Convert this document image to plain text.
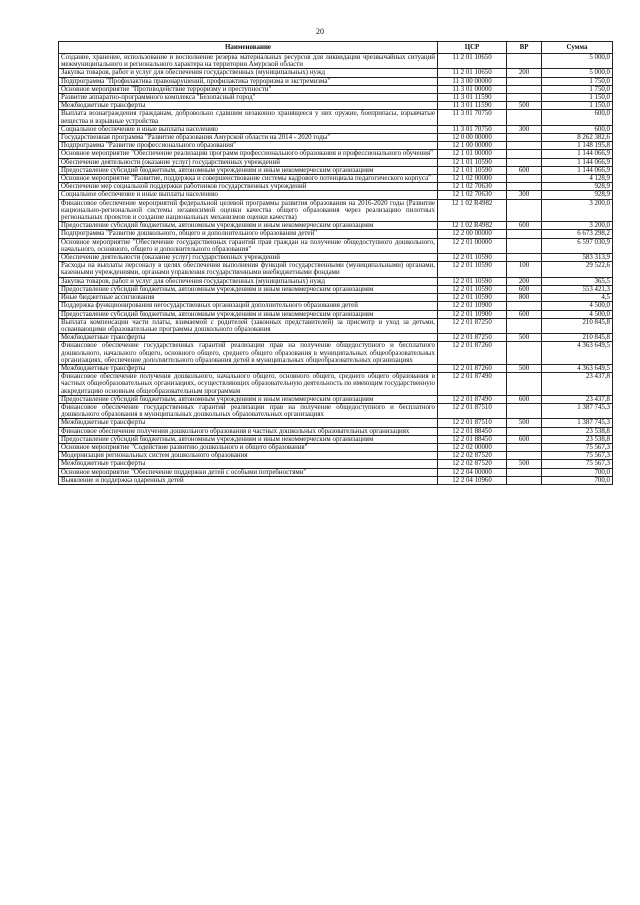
20
Наименование	ЦСР	ВР	Сумма
Создание, хранение, использование и восполнение резерва материальных ресурсов для ликвидации чрезвычайных ситуаций межмуниципального и регионального характера на территории Амурской области	11 2 01 10650		5 000,0
Закупка товаров, работ и услуг для обеспечения государственных (муниципальных) нужд	11 2 01 10650	200	5 000,0
Подпрограмма "Профилактика правонарушений, профилактика терроризма и экстремизма"	11 3 00 00000		1 750,0
Основное мероприятие "Противодействие терроризму и преступности"	11 3 01 00000		1 750,0
Развитие аппаратно-программного комплекса "Безопасный город"	11 3 01 11590		1 150,0
Межбюджетные трансферты	11 3 01 11590	500	1 150,0
Выплата вознаграждения гражданам, добровольно сдавшим незаконно хранящееся у них оружие, боеприпасы, взрывчатые вещества и взрывные устройства	11 3 01 70750		600,0
Социальное обеспечение и иные выплаты населению	11 3 01 70750	300	600,0
Государственная программа "Развитие образования Амурской области на 2014 - 2020 годы"	12 0 00 00000		8 262 382,6
Подпрограмма "Развитие профессионального образования"	12 1 00 00000		1 148 195,8
Основное мероприятие "Обеспечение реализации программ профессионального образования и профессионального обучения"	12 1 01 00000		1 144 066,9
Обеспечение деятельности (оказание услуг) государственных учреждений	12 1 01 10590		1 144 066,9
Предоставление субсидий бюджетным, автономным учреждениям и иным некоммерческим организациям	12 1 01 10590	600	1 144 066,9
Основное мероприятие "Развитие, поддержка и совершенствование системы кадрового потенциала педагогического корпуса"	12 1 02 00000		4 128,9
Обеспечение мер социальной поддержки работников государственных учреждений	12 1 02 70630		928,9
Социальное обеспечение и иные выплаты населению	12 1 02 70630	300	928,9
Финансовое обеспечение мероприятий федеральной целевой программы развития образования на 2016-2020 годы (Развитие национально-региональной системы независимой оценки качества общего образования через реализацию пилотных региональных проектов и создание национальных механизмов оценки качества)	12 1 02 R4982		3 200,0
Предоставление субсидий бюджетным, автономным учреждениям и иным некоммерческим организациям	12 1 02 R4982	600	3 200,0
Подпрограмма "Развитие дошкольного, общего и дополнительного образования детей"	12 2 00 00000		6 673 298,2
Основное мероприятие "Обеспечение государственных гарантий прав граждан на получение общедоступного дошкольного, начального, основного, общего и дополнительного образования"	12 2 01 00000		6 597 030,9
Обеспечение деятельности (оказание услуг) государственных учреждений	12 2 01 10590		583 313,9
Расходы на выплаты персоналу в целях обеспечения выполнения функций государственными (муниципальными) органами, казенными учреждениями, органами управления государственными внебюджетными фондами	12 2 01 10590	100	29 522,6
Закупка товаров, работ и услуг для обеспечения государственных (муниципальных) нужд	12 2 01 10590	200	365,5
Предоставление субсидий бюджетным, автономным учреждениям и иным некоммерческим организациям	12 2 01 10590	600	553 421,3
Иные бюджетные ассигнования	12 2 01 10590	800	4,5
Поддержка функционирования негосударственных организаций дополнительного образования детей	12 2 01 10900		4 500,0
Предоставление субсидий бюджетным, автономным учреждениям и иным некоммерческим организациям	12 2 01 10900	600	4 500,0
Выплата компенсации части платы, взимаемой с родителей (законных представителей) за присмотр и уход за детьми, осваивающими образовательные программы дошкольного образования	12 2 01 87250		210 845,8
Межбюджетные трансферты	12 2 01 87250	500	210 845,8
Финансовое обеспечение государственных гарантий реализации прав на получение общедоступного и бесплатного дошкольного, начального общего, основного общего, среднего общего образования в муниципальных общеобразовательных организациях, обеспечение дополнительного образования детей в муниципальных общеобразовательных организациях	12 2 01 87260		4 363 649,5
Межбюджетные трансферты	12 2 01 87260	500	4 363 649,5
Финансовое обеспечение получения дошкольного, начального общего, основного общего, среднего общего образования в частных общеобразовательных организациях, осуществляющих образовательную деятельность по имеющим государственную аккредитацию основным общеобразовательным программам	12 2 01 87490		23 437,8
Предоставление субсидий бюджетным, автономным учреждениям и иным некоммерческим организациям	12 2 01 87490	600	23 437,8
Финансовое обеспечение государственных гарантий реализации прав на получение общедоступного и бесплатного дошкольного образования в муниципальных дошкольных образовательных организациях	12 2 01 87510		1 387 745,3
Межбюджетные трансферты	12 2 01 87510	500	1 387 745,3
Финансовое обеспечение получения дошкольного образования в частных дошкольных образовательных организациях	12 2 01 88450		23 538,8
Предоставление субсидий бюджетным, автономным учреждениям и иным некоммерческим организациям	12 2 01 88450	600	23 538,8
Основное мероприятие "Содействие развитию дошкольного и общего образования"	12 2 02 00000		75 567,3
Модернизация региональных систем дошкольного образования	12 2 02 87520		75 567,3
Межбюджетные трансферты	12 2 02 87520	500	75 567,3
Основное мероприятие "Обеспечение поддержки детей с особыми потребностями"	12 2 04 00000		700,0
Выявление и поддержка одаренных детей	12 2 04 10960		700,0
